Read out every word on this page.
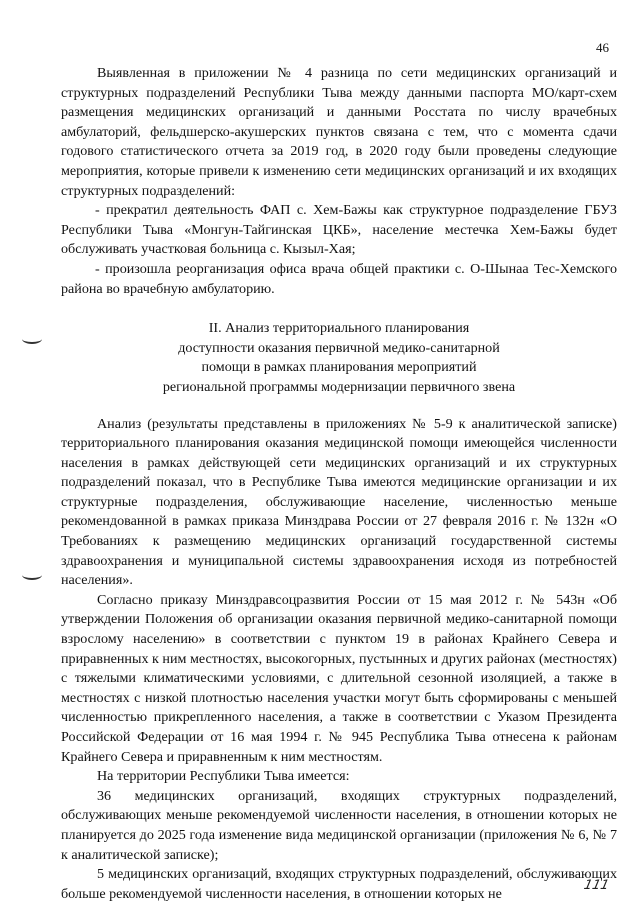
46

Выявленная в приложении № 4 разница по сети медицинских организаций и структурных подразделений Республики Тыва между данными паспорта МО/карт-схем размещения медицинских организаций и данными Росстата по числу врачебных амбулаторий, фельдшерско-акушерских пунктов связана с тем, что с момента сдачи годового статистического отчета за 2019 год, в 2020 году были проведены следующие мероприятия, которые привели к изменению сети медицинских организаций и их входящих структурных подразделений:

- прекратил деятельность ФАП с. Хем-Бажы как структурное подразделение ГБУЗ Республики Тыва «Монгун-Тайгинская ЦКБ», население местечка Хем-Бажы будет обслуживать участковая больница с. Кызыл-Хая;

- произошла реорганизация офиса врача общей практики с. О-Шынаа Тес-Хемского района во врачебную амбулаторию.

II. Анализ территориального планирования
доступности оказания первичной медико-санитарной
помощи в рамках планирования мероприятий
региональной программы модернизации первичного звена

Анализ (результаты представлены в приложениях № 5-9 к аналитической записке) территориального планирования оказания медицинской помощи имеющейся численности населения в рамках действующей сети медицинских организаций и их структурных подразделений показал, что в Республике Тыва имеются медицинские организации и их структурные подразделения, обслуживающие население, численностью меньше рекомендованной в рамках приказа Минздрава России от 27 февраля 2016 г. № 132н «О Требованиях к размещению медицинских организаций государственной системы здравоохранения и муниципальной системы здравоохранения исходя из потребностей населения».

Согласно приказу Минздравсоцразвития России от 15 мая 2012 г. № 543н «Об утверждении Положения об организации оказания первичной медико-санитарной помощи взрослому населению» в соответствии с пунктом 19 в районах Крайнего Севера и приравненных к ним местностях, высокогорных, пустынных и других районах (местностях) с тяжелыми климатическими условиями, с длительной сезонной изоляцией, а также в местностях с низкой плотностью населения участки могут быть сформированы с меньшей численностью прикрепленного населения, а также в соответствии с Указом Президента Российской Федерации от 16 мая 1994 г. № 945 Республика Тыва отнесена к районам Крайнего Севера и приравненным к ним местностям.

На территории Республики Тыва имеется:

36 медицинских организаций, входящих структурных подразделений, обслуживающих меньше рекомендуемой численности населения, в отношении которых не планируется до 2025 года изменение вида медицинской организации (приложения № 6, № 7 к аналитической записке);

5 медицинских организаций, входящих структурных подразделений, обслуживающих больше рекомендуемой численности населения, в отношении которых не

111
